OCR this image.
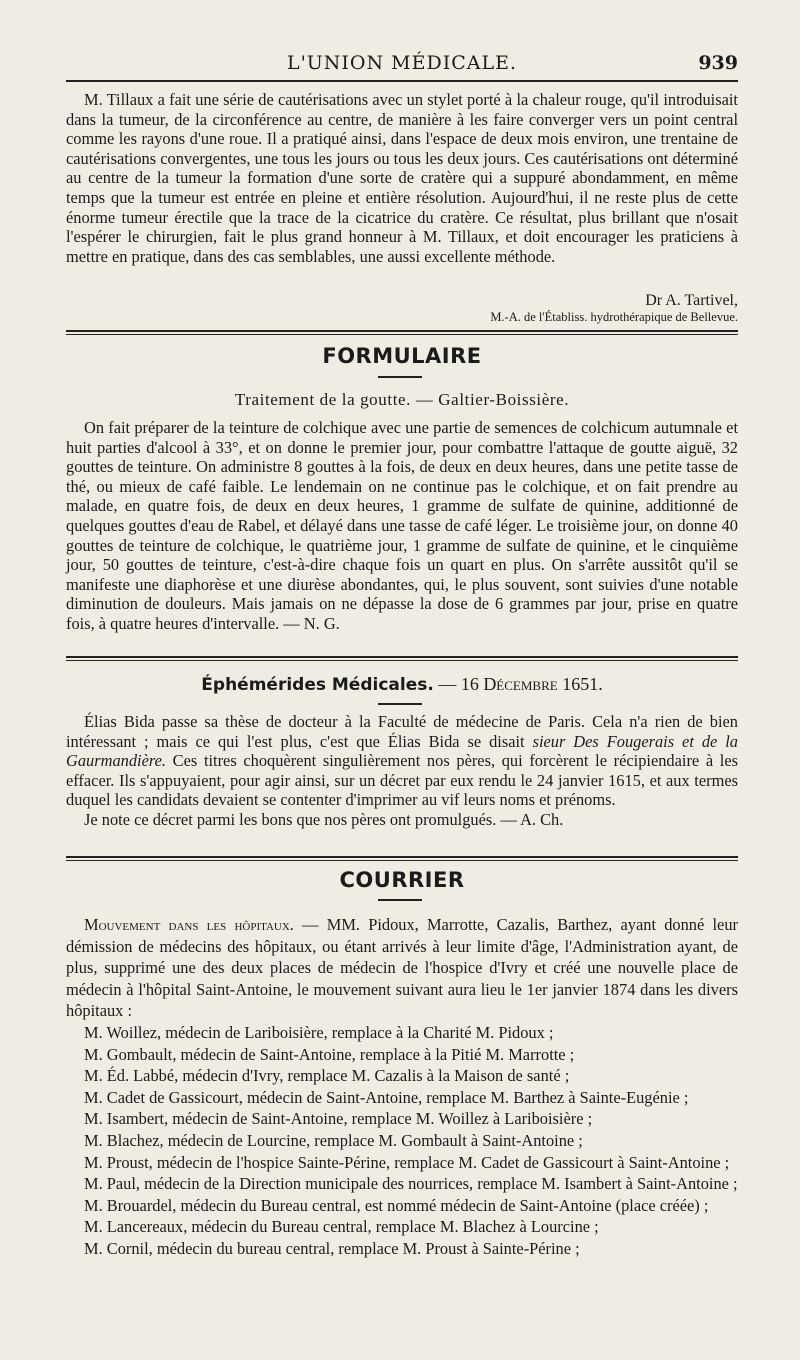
L'UNION MÉDICALE.	939

M. Tillaux a fait une série de cautérisations avec un stylet porté à la chaleur rouge, qu'il introduisait dans la tumeur, de la circonférence au centre, de manière à les faire converger vers un point central comme les rayons d'une roue. Il a pratiqué ainsi, dans l'espace de deux mois environ, une trentaine de cautérisations convergentes, une tous les jours ou tous les deux jours. Ces cautérisations ont déterminé au centre de la tumeur la formation d'une sorte de cratère qui a suppuré abondamment, en même temps que la tumeur est entrée en pleine et entière résolution. Aujourd'hui, il ne reste plus de cette énorme tumeur érectile que la trace de la cicatrice du cratère. Ce résultat, plus brillant que n'osait l'espérer le chirurgien, fait le plus grand honneur à M. Tillaux, et doit encourager les praticiens à mettre en pratique, dans des cas semblables, une aussi excellente méthode.

Dr A. Tartivel,
M.-A. de l'Établiss. hydrothérapique de Bellevue.
FORMULAIRE
Traitement de la goutte. — Galtier-Boissière.

On fait préparer de la teinture de colchique avec une partie de semences de colchicum autumnale et huit parties d'alcool à 33°, et on donne le premier jour, pour combattre l'attaque de goutte aiguë, 32 gouttes de teinture. On administre 8 gouttes à la fois, de deux en deux heures, dans une petite tasse de thé, ou mieux de café faible. Le lendemain on ne continue pas le colchique, et on fait prendre au malade, en quatre fois, de deux en deux heures, 1 gramme de sulfate de quinine, additionné de quelques gouttes d'eau de Rabel, et délayé dans une tasse de café léger. Le troisième jour, on donne 40 gouttes de teinture de colchique, le quatrième jour, 1 gramme de sulfate de quinine, et le cinquième jour, 50 gouttes de teinture, c'est-à-dire chaque fois un quart en plus. On s'arrête aussitôt qu'il se manifeste une diaphorèse et une diurèse abondantes, qui, le plus souvent, sont suivies d'une notable diminution de douleurs. Mais jamais on ne dépasse la dose de 6 grammes par jour, prise en quatre fois, à quatre heures d'intervalle. — N. G.

Éphémérides Médicales. — 16 Décembre 1651.

Élias Bida passe sa thèse de docteur à la Faculté de médecine de Paris. Cela n'a rien de bien intéressant ; mais ce qui l'est plus, c'est que Élias Bida se disait sieur Des Fougerais et de la Gaurmandière. Ces titres choquèrent singulièrement nos pères, qui forcèrent le récipiendaire à les effacer. Ils s'appuyaient, pour agir ainsi, sur un décret par eux rendu le 24 janvier 1615, et aux termes duquel les candidats devaient se contenter d'imprimer au vif leurs noms et prénoms.

Je note ce décret parmi les bons que nos pères ont promulgués. — A. Ch.

COURRIER
Mouvement dans les hôpitaux. — MM. Pidoux, Marrotte, Cazalis, Barthez, ayant donné leur démission de médecins des hôpitaux, ou étant arrivés à leur limite d'âge, l'Administration ayant, de plus, supprimé une des deux places de médecin de l'hospice d'Ivry et créé une nouvelle place de médecin à l'hôpital Saint-Antoine, le mouvement suivant aura lieu le 1er janvier 1874 dans les divers hôpitaux :
M. Woillez, médecin de Lariboisière, remplace à la Charité M. Pidoux ;
M. Gombault, médecin de Saint-Antoine, remplace à la Pitié M. Marrotte ;
M. Éd. Labbé, médecin d'Ivry, remplace M. Cazalis à la Maison de santé ;
M. Cadet de Gassicourt, médecin de Saint-Antoine, remplace M. Barthez à Sainte-Eugénie ;
M. Isambert, médecin de Saint-Antoine, remplace M. Woillez à Lariboisière ;
M. Blachez, médecin de Lourcine, remplace M. Gombault à Saint-Antoine ;
M. Proust, médecin de l'hospice Sainte-Périne, remplace M. Cadet de Gassicourt à Saint-Antoine ;
M. Paul, médecin de la Direction municipale des nourrices, remplace M. Isambert à Saint-Antoine ;
M. Brouardel, médecin du Bureau central, est nommé médecin de Saint-Antoine (place créée) ;
M. Lancereaux, médecin du Bureau central, remplace M. Blachez à Lourcine ;
M. Cornil, médecin du bureau central, remplace M. Proust à Sainte-Périne ;
